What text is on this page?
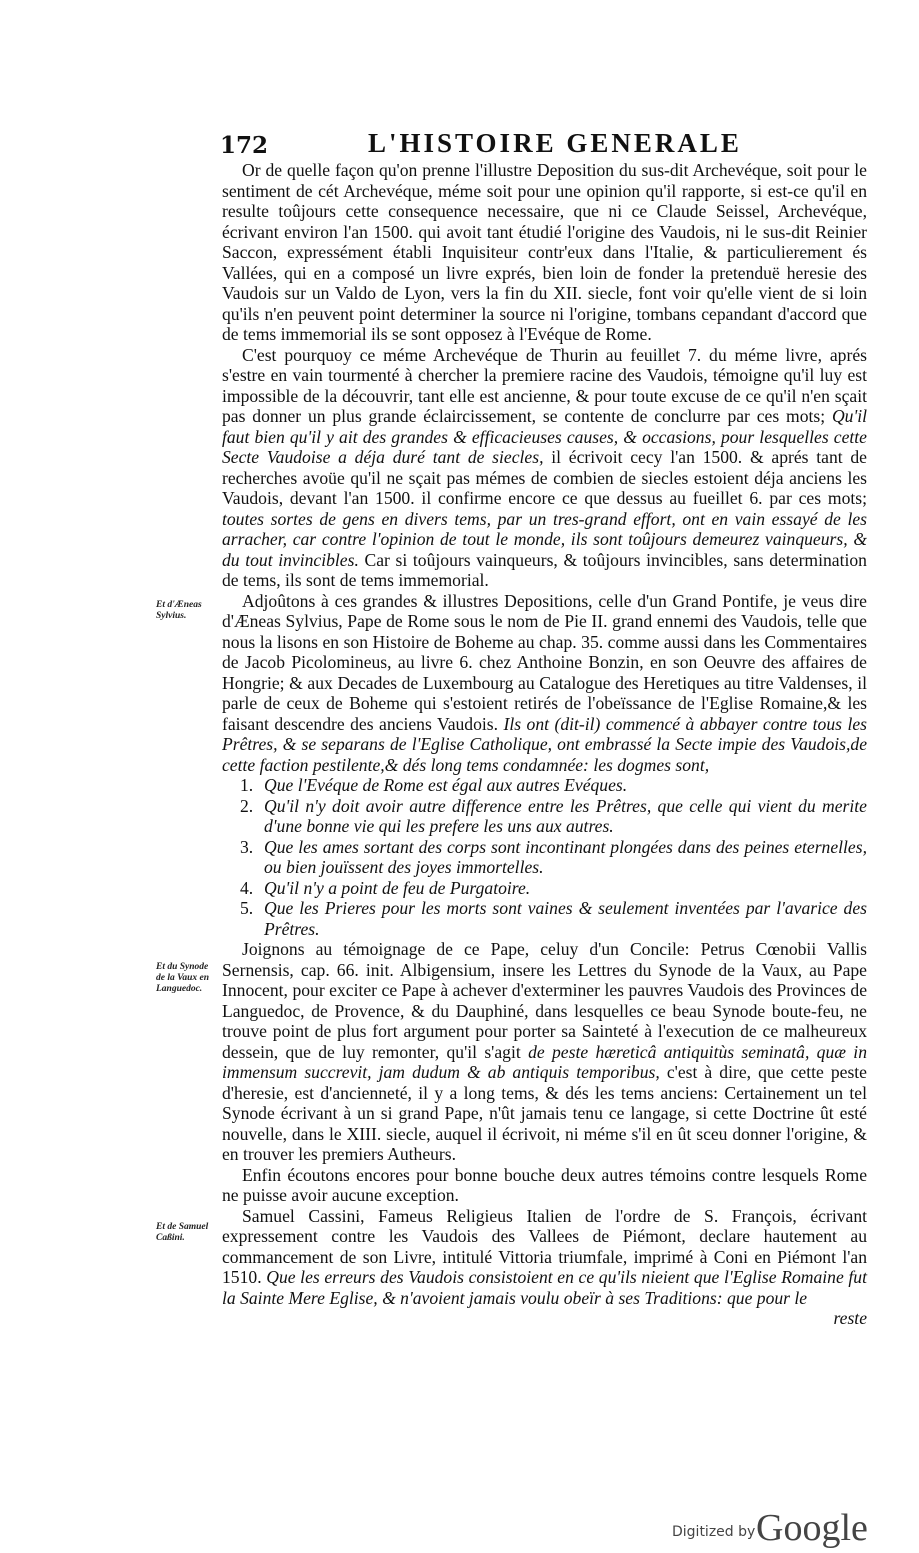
172	L'HISTOIRE GENERALE
Et d'Æneas Sylvius.
Et du Synode de la Vaux en Languedoc.
Et de Samuel Caßini.

Or de quelle façon qu'on prenne l'illustre Deposition du sus-dit Archevéque, soit pour le sentiment de cét Archevéque, méme soit pour une opinion qu'il rapporte, si est-ce qu'il en resulte toûjours cette consequence necessaire, que ni ce Claude Seissel, Archevéque, écrivant environ l'an 1500. qui avoit tant étudié l'origine des Vaudois, ni le sus-dit Reinier Saccon, expressément établi Inquisiteur contr'eux dans l'Italie, & particulierement és Vallées, qui en a composé un livre exprés, bien loin de fonder la pretenduë heresie des Vaudois sur un Valdo de Lyon, vers la fin du XII. siecle, font voir qu'elle vient de si loin qu'ils n'en peuvent point determiner la source ni l'origine, tombans cepandant d'accord que de tems immemorial ils se sont opposez à l'Evéque de Rome.

C'est pourquoy ce méme Archevéque de Thurin au feuillet 7. du méme livre, aprés s'estre en vain tourmenté à chercher la premiere racine des Vaudois, témoigne qu'il luy est impossible de la découvrir, tant elle est ancienne, & pour toute excuse de ce qu'il n'en sçait pas donner un plus grande éclaircissement, se contente de conclurre par ces mots; Qu'il faut bien qu'il y ait des grandes & efficacieuses causes, & occasions, pour lesquelles cette Secte Vaudoise a déja duré tant de siecles, il écrivoit cecy l'an 1500. & aprés tant de recherches avoüe qu'il ne sçait pas mémes de combien de siecles estoient déja anciens les Vaudois, devant l'an 1500. il confirme encore ce que dessus au fueillet 6. par ces mots; toutes sortes de gens en divers tems, par un tres-grand effort, ont en vain essayé de les arracher, car contre l'opinion de tout le monde, ils sont toûjours demeurez vainqueurs, & du tout invincibles. Car si toûjours vainqueurs, & toûjours invincibles, sans determination de tems, ils sont de tems immemorial.

Adjoûtons à ces grandes & illustres Depositions, celle d'un Grand Pontife, je veus dire d'Æneas Sylvius, Pape de Rome sous le nom de Pie II. grand ennemi des Vaudois, telle que nous la lisons en son Histoire de Boheme au chap. 35. comme aussi dans les Commentaires de Jacob Picolomineus, au livre 6. chez Anthoine Bonzin, en son Oeuvre des affaires de Hongrie; & aux Decades de Luxembourg au Catalogue des Heretiques au titre Valdenses, il parle de ceux de Boheme qui s'estoient retirés de l'obeïssance de l'Eglise Romaine,& les faisant descendre des anciens Vaudois. Ils ont (dit-il) commencé à abbayer contre tous les Prêtres, & se separans de l'Eglise Catholique, ont embrassé la Secte impie des Vaudois,de cette faction pestilente,& dés long tems condamnée: les dogmes sont,

1. Que l'Evéque de Rome est égal aux autres Evéques.
2. Qu'il n'y doit avoir autre difference entre les Prêtres, que celle qui vient du merite d'une bonne vie qui les prefere les uns aux autres.
3. Que les ames sortant des corps sont incontinant plongées dans des peines eternelles, ou bien jouïssent des joyes immortelles.
4. Qu'il n'y a point de feu de Purgatoire.
5. Que les Prieres pour les morts sont vaines & seulement inventées par l'avarice des Prêtres.

Joignons au témoignage de ce Pape, celuy d'un Concile: Petrus Cœnobii Vallis Sernensis, cap. 66. init. Albigensium, insere les Lettres du Synode de la Vaux, au Pape Innocent, pour exciter ce Pape à achever d'exterminer les pauvres Vaudois des Provinces de Languedoc, de Provence, & du Dauphiné, dans lesquelles ce beau Synode boute-feu, ne trouve point de plus fort argument pour porter sa Sainteté à l'execution de ce malheureux dessein, que de luy remonter, qu'il s'agit de peste hæreticâ antiquitùs seminatâ, quæ in immensum succrevit, jam dudum & ab antiquis temporibus, c'est à dire, que cette peste d'heresie, est d'ancienneté, il y a long tems, & dés les tems anciens: Certainement un tel Synode écrivant à un si grand Pape, n'ût jamais tenu ce langage, si cette Doctrine ût esté nouvelle, dans le XIII. siecle, auquel il écrivoit, ni méme s'il en ût sceu donner l'origine, & en trouver les premiers Autheurs.

Enfin écoutons encores pour bonne bouche deux autres témoins contre lesquels Rome ne puisse avoir aucune exception.

Samuel Cassini, Fameus Religieus Italien de l'ordre de S. François, écrivant expressement contre les Vaudois des Vallees de Piémont, declare hautement au commancement de son Livre, intitulé Vittoria triumfale, imprimé à Coni en Piémont l'an 1510. Que les erreurs des Vaudois consistoient en ce qu'ils nieient que l'Eglise Romaine fut la Sainte Mere Eglise, & n'avoient jamais voulu obeïr à ses Traditions: que pour le

reste

Digitized by Google
